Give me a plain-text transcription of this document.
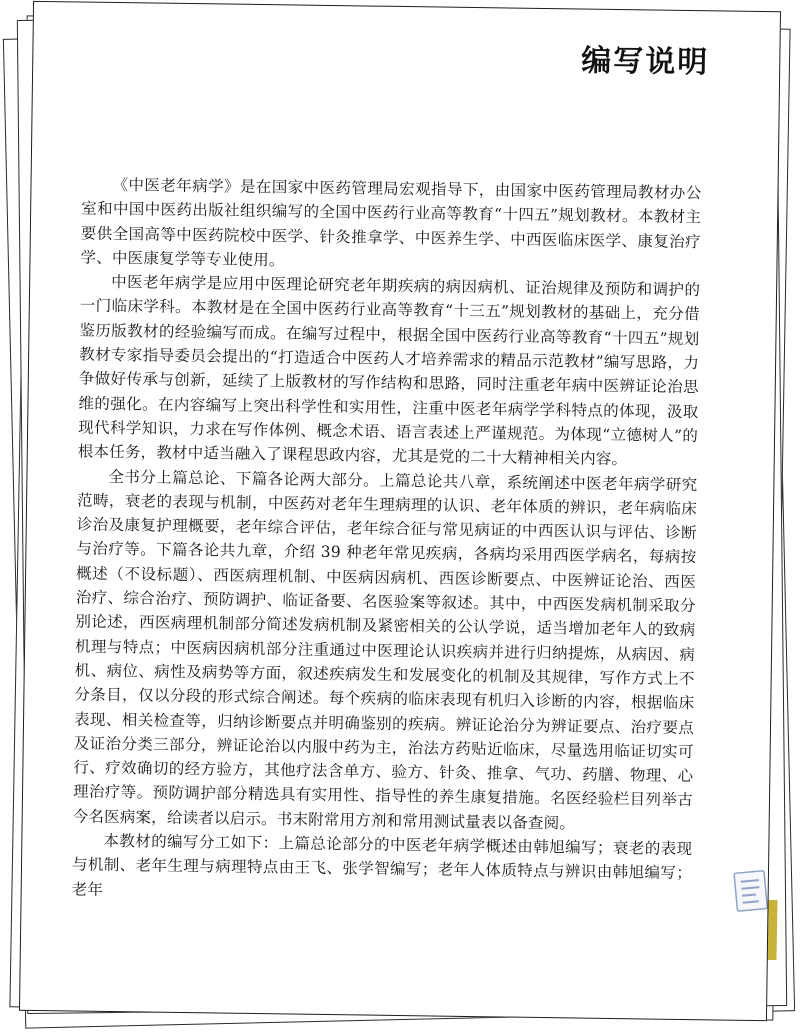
编写说明

《中医老年病学》是在国家中医药管理局宏观指导下，由国家中医药管理局教材办公室和中国中医药出版社组织编写的全国中医药行业高等教育“十四五”规划教材。本教材主要供全国高等中医药院校中医学、针灸推拿学、中医养生学、中西医临床医学、康复治疗学、中医康复学等专业使用。

中医老年病学是应用中医理论研究老年期疾病的病因病机、证治规律及预防和调护的一门临床学科。本教材是在全国中医药行业高等教育“十三五”规划教材的基础上，充分借鉴历版教材的经验编写而成。在编写过程中，根据全国中医药行业高等教育“十四五”规划教材专家指导委员会提出的“打造适合中医药人才培养需求的精品示范教材”编写思路，力争做好传承与创新，延续了上版教材的写作结构和思路，同时注重老年病中医辨证论治思维的强化。在内容编写上突出科学性和实用性，注重中医老年病学学科特点的体现，汲取现代科学知识，力求在写作体例、概念术语、语言表述上严谨规范。为体现“立德树人”的根本任务，教材中适当融入了课程思政内容，尤其是党的二十大精神相关内容。

全书分上篇总论、下篇各论两大部分。上篇总论共八章，系统阐述中医老年病学研究范畴，衰老的表现与机制，中医药对老年生理病理的认识、老年体质的辨识，老年病临床诊治及康复护理概要，老年综合评估，老年综合征与常见病证的中西医认识与评估、诊断与治疗等。下篇各论共九章，介绍 39 种老年常见疾病，各病均采用西医学病名，每病按概述（不设标题）、西医病理机制、中医病因病机、西医诊断要点、中医辨证论治、西医治疗、综合治疗、预防调护、临证备要、名医验案等叙述。其中，中西医发病机制采取分别论述，西医病理机制部分简述发病机制及紧密相关的公认学说，适当增加老年人的致病机理与特点；中医病因病机部分注重通过中医理论认识疾病并进行归纳提炼，从病因、病机、病位、病性及病势等方面，叙述疾病发生和发展变化的机制及其规律，写作方式上不分条目，仅以分段的形式综合阐述。每个疾病的临床表现有机归入诊断的内容，根据临床表现、相关检查等，归纳诊断要点并明确鉴别的疾病。辨证论治分为辨证要点、治疗要点及证治分类三部分，辨证论治以内服中药为主，治法方药贴近临床，尽量选用临证切实可行、疗效确切的经方验方，其他疗法含单方、验方、针灸、推拿、气功、药膳、物理、心理治疗等。预防调护部分精选具有实用性、指导性的养生康复措施。名医经验栏目列举古今名医病案，给读者以启示。书末附常用方剂和常用测试量表以备查阅。

本教材的编写分工如下：上篇总论部分的中医老年病学概述由韩旭编写；衰老的表现与机制、老年生理与病理特点由王飞、张学智编写；老年人体质特点与辨识由韩旭编写；老年
